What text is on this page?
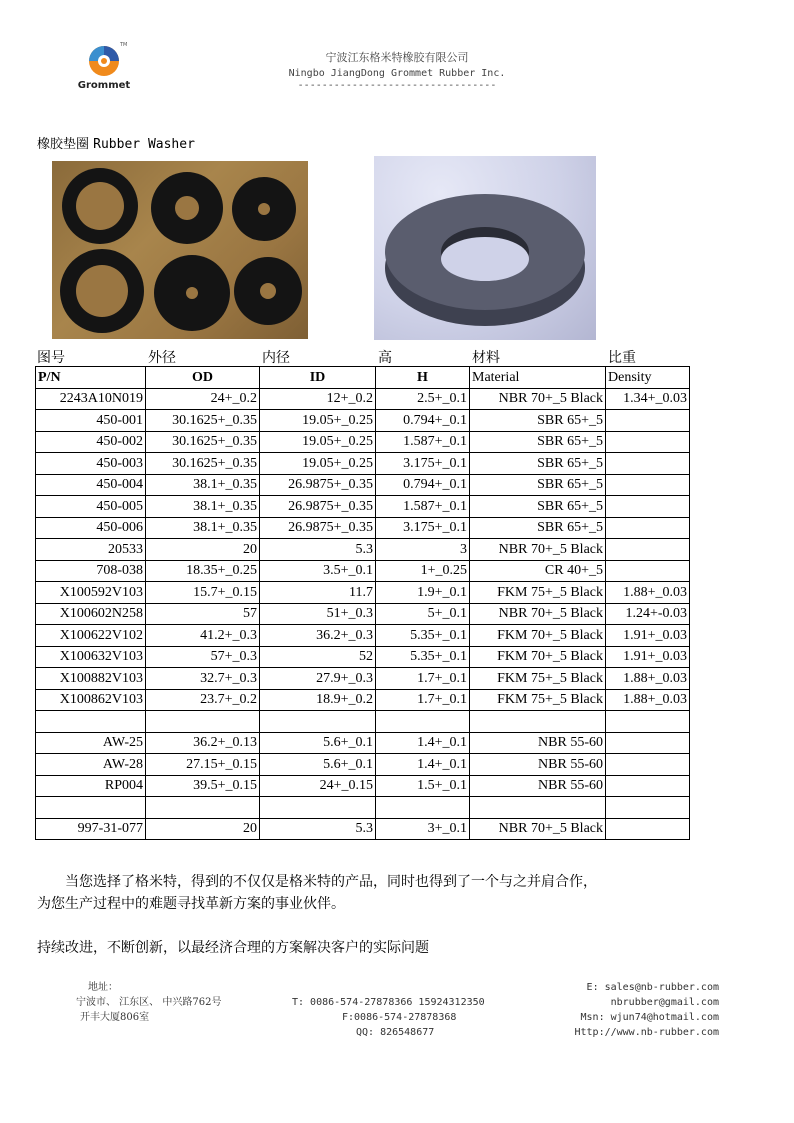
TM
Grommet
宁波江东格米特橡胶有限公司
Ningbo JiangDong Grommet Rubber Inc.
---------------------------------
橡胶垫圈 Rubber Washer
图号	外径	内径	高	材料	比重
P/N	OD	ID	H	Material	Density
2243A10N019	24+_0.2	12+_0.2	2.5+_0.1	NBR 70+_5 Black	1.34+_0.03
450-001	30.1625+_0.35	19.05+_0.25	0.794+_0.1	SBR 65+_5	
450-002	30.1625+_0.35	19.05+_0.25	1.587+_0.1	SBR 65+_5	
450-003	30.1625+_0.35	19.05+_0.25	3.175+_0.1	SBR 65+_5	
450-004	38.1+_0.35	26.9875+_0.35	0.794+_0.1	SBR 65+_5	
450-005	38.1+_0.35	26.9875+_0.35	1.587+_0.1	SBR 65+_5	
450-006	38.1+_0.35	26.9875+_0.35	3.175+_0.1	SBR 65+_5	
20533	20	5.3	3	NBR 70+_5 Black	
708-038	18.35+_0.25	3.5+_0.1	1+_0.25	CR 40+_5	
X100592V103	15.7+_0.15	11.7	1.9+_0.1	FKM 75+_5 Black	1.88+_0.03
X100602N258	57	51+_0.3	5+_0.1	NBR 70+_5 Black	1.24+-0.03
X100622V102	41.2+_0.3	36.2+_0.3	5.35+_0.1	FKM 70+_5 Black	1.91+_0.03
X100632V103	57+_0.3	52	5.35+_0.1	FKM 70+_5 Black	1.91+_0.03
X100882V103	32.7+_0.3	27.9+_0.3	1.7+_0.1	FKM 75+_5 Black	1.88+_0.03
X100862V103	23.7+_0.2	18.9+_0.2	1.7+_0.1	FKM 75+_5 Black	1.88+_0.03

AW-25	36.2+_0.13	5.6+_0.1	1.4+_0.1	NBR 55-60	
AW-28	27.15+_0.15	5.6+_0.1	1.4+_0.1	NBR 55-60	
RP004	39.5+_0.15	24+_0.15	1.5+_0.1	NBR 55-60	

997-31-077	20	5.3	3+_0.1	NBR 70+_5 Black	
当您选择了格米特，得到的不仅仅是格米特的产品，同时也得到了一个与之并肩合作，
为您生产过程中的难题寻找革新方案的事业伙伴。
持续改进，不断创新，以最经济合理的方案解决客户的实际问题
地址：
宁波市、 江东区、 中兴路762号
开丰大厦806室
T: 0086-574-27878366 15924312350
F:0086-574-27878368
QQ: 826548677
E: sales@nb-rubber.com
nbrubber@gmail.com
Msn: wjun74@hotmail.com
Http://www.nb-rubber.com
